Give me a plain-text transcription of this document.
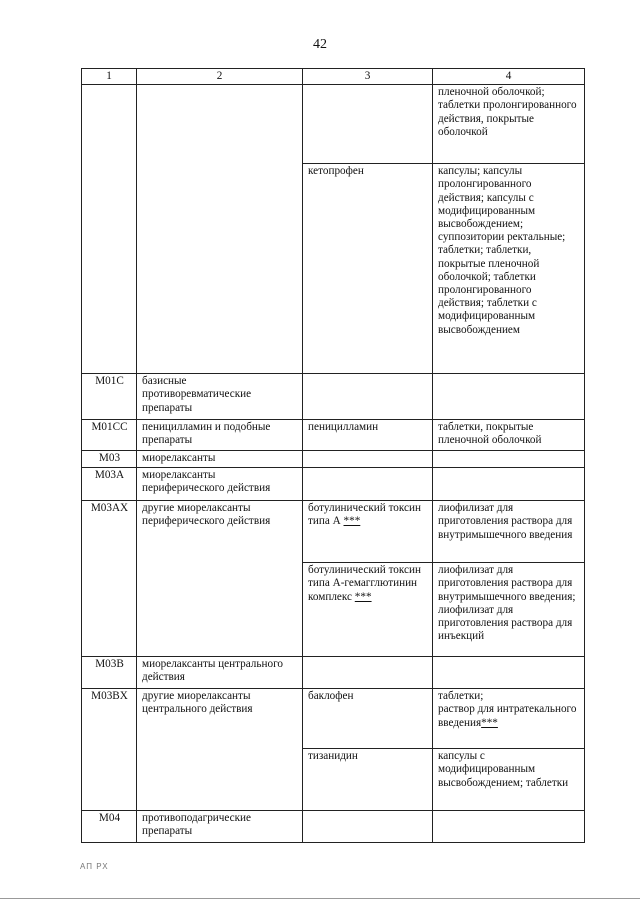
42
1	2	3	4
			пленочной оболочкой; таблетки пролонгированного действия, покрытые оболочкой
		кетопрофен	капсулы; капсулы пролонгированного действия; капсулы с модифицированным высвобождением; суппозитории ректальные; таблетки; таблетки, покрытые пленочной оболочкой; таблетки пролонгированного действия; таблетки с модифицированным высвобождением
M01C	базисные противоревматические препараты		
M01CC	пеницилламин и подобные препараты	пеницилламин	таблетки, покрытые пленочной оболочкой
M03	миорелаксанты		
M03A	миорелаксанты периферического действия		
M03AX	другие миорелаксанты периферического действия	ботулинический токсин типа А ***	лиофилизат для приготовления раствора для внутримышечного введения
		ботулинический токсин типа А-гемагглютинин комплекс ***	лиофилизат для приготовления раствора для внутримышечного введения; лиофилизат для приготовления раствора для инъекций
M03B	миорелаксанты центрального действия		
M03BX	другие миорелаксанты центрального действия	баклофен	таблетки;
раствор для интратекального введения***
		тизанидин	капсулы с модифицированным высвобождением; таблетки
M04	противоподагрические препараты		
АП РХ
